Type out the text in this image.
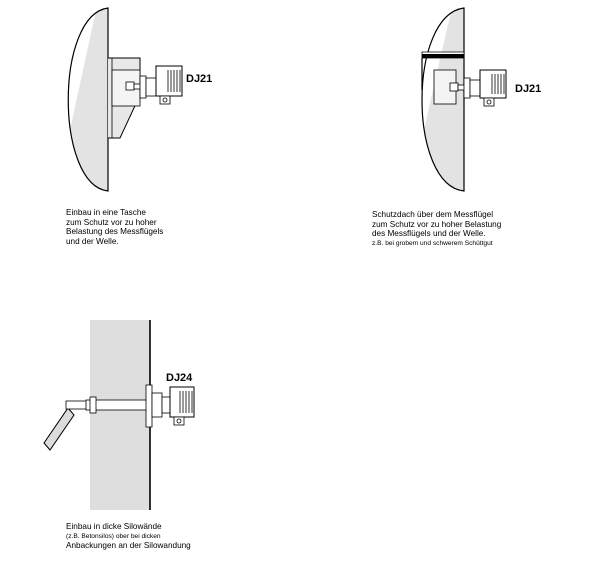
DJ21
Einbau in eine Tasche
zum Schutz vor zu hoher
Belastung des Messflügels
und der Welle.
DJ21
Schutzdach über dem Messflügel
zum Schutz vor zu hoher Belastung
des Messflügels und der Welle.
z.B. bei grobem und schwerem Schüttgut
DJ24
Einbau in dicke Silowände
(z.B. Betonsilos) ober bei dicken
Anbackungen an der Silowandung
